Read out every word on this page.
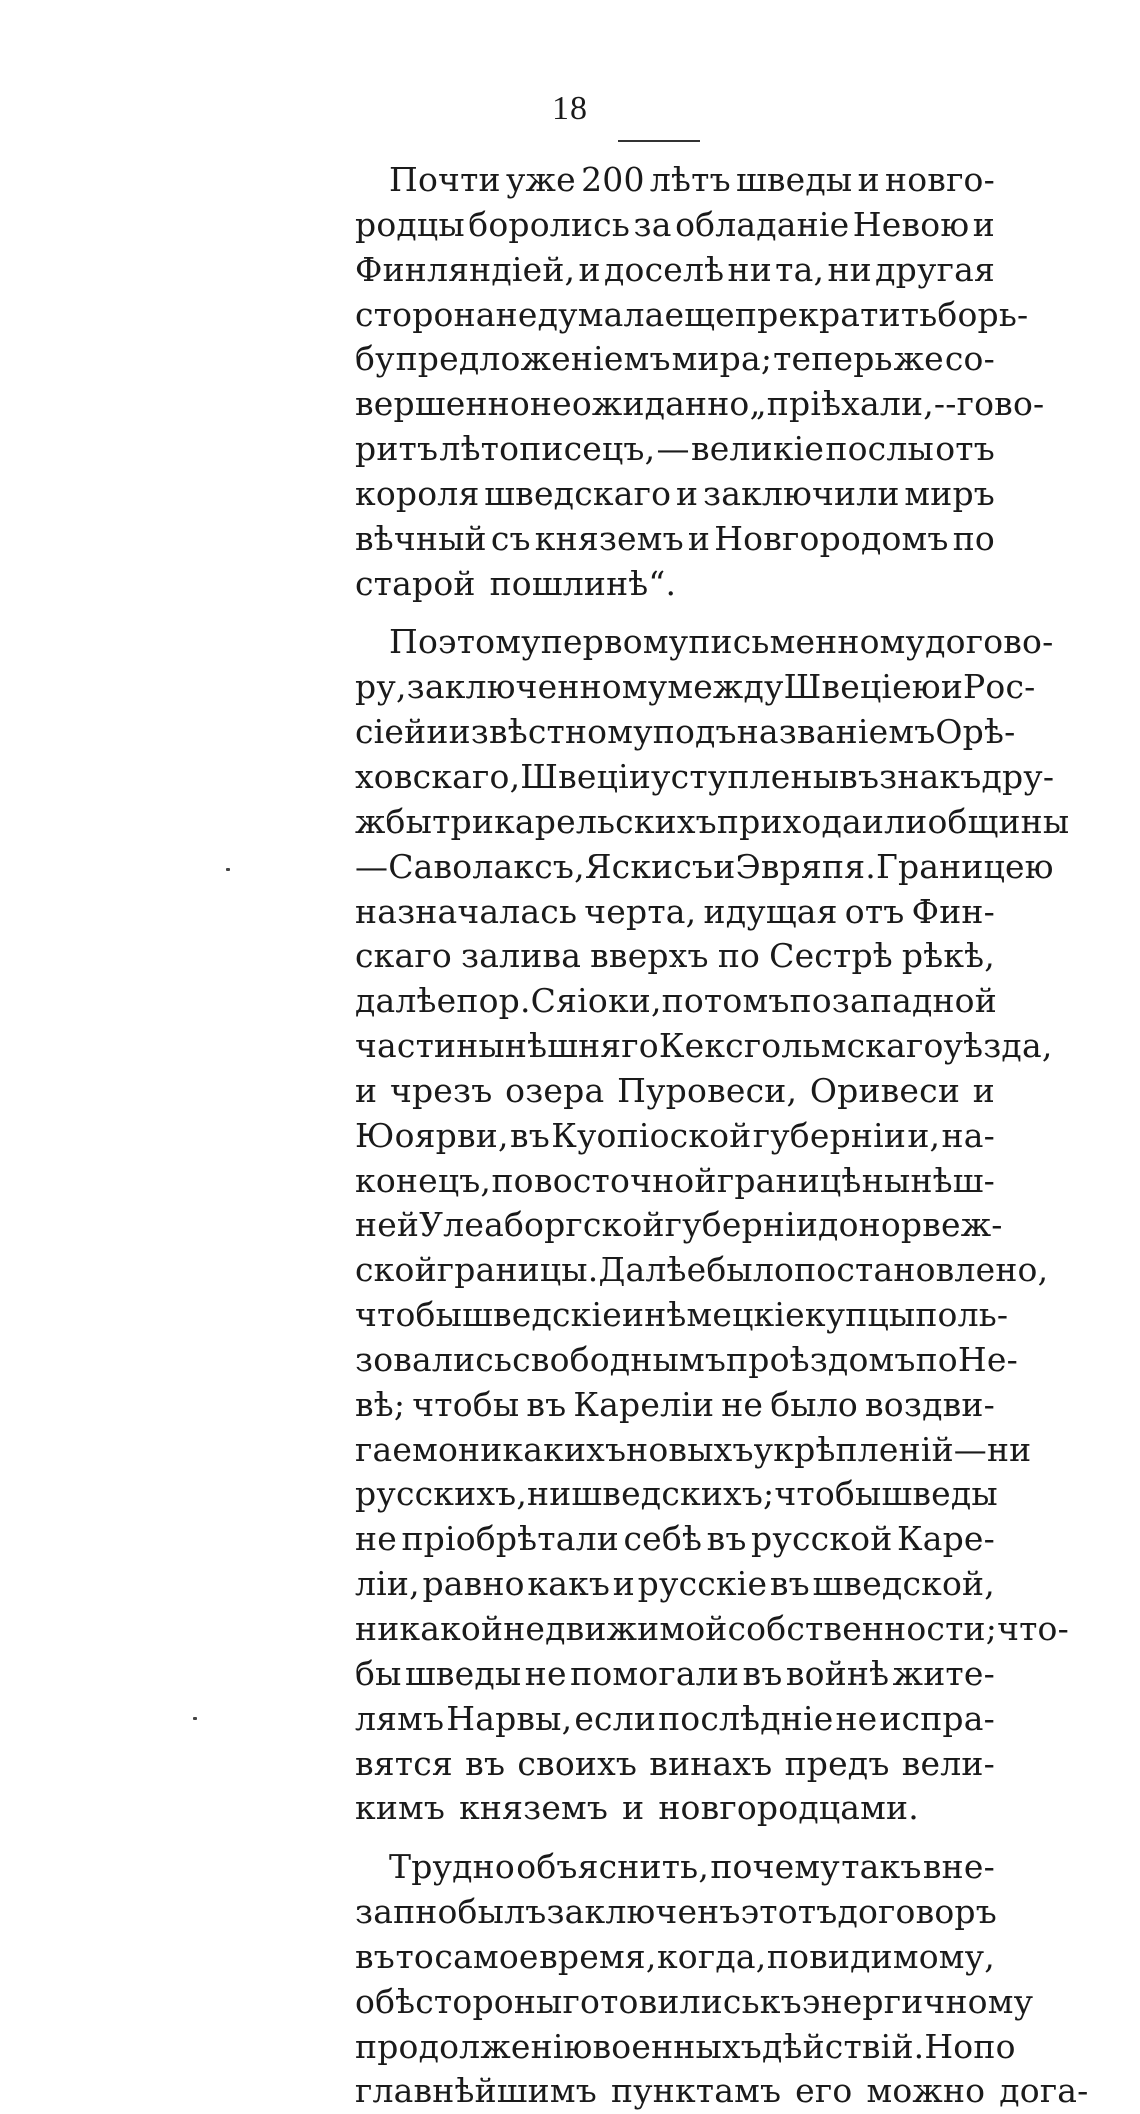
18
Почти уже 200 лѣтъ шведы и новго-
родцы боролись за обладаніе Невою и
Финляндіей, и доселѣ ни та, ни другая
сторона не думала еще прекратить борь-
бу предложеніемъ мира; теперь же со-
вершенно неожиданно „пріѣхали,-- гово-
ритъ лѣтописецъ, — великіе послы отъ
короля шведскаго и заключили миръ
вѣчный съ княземъ и Новгородомъ по
старой пошлинѣ“.
По этому первому письменному догово-
ру, заключенному между Швеціею и Рос-
сіей и извѣстному подъ названіемъ Орѣ-
ховскаго, Швеціи уступлены въ знакъ дру-
жбы три карельскихъ прихода или общины
—Саволаксъ, Яскисъ и Эвряпя. Границею
назначалась черта, идущая отъ Фин-
скаго залива вверхъ по Сестрѣ рѣкѣ,
далѣе по р. Сяіоки, потомъ по западной
части нынѣшняго Кексгольмскаго уѣзда,
и чрезъ озера Пуровеси, Оривеси и
Юоярви, въ Куопіоской губерніи и, на-
конецъ, по восточной границѣ нынѣш-
ней Улеаборгской губерніи до норвеж-
ской границы. Далѣе было постановлено,
чтобы шведскіе и нѣмецкіе купцы поль-
зовались свободнымъ проѣздомъ по Не-
вѣ; чтобы въ Кареліи не было воздви-
гаемо никакихъ новыхъ укрѣпленій—ни
русскихъ, ни шведскихъ; чтобы шведы
не пріобрѣтали себѣ въ русской Каре-
ліи, равно какъ и русскіе въ шведской,
никакой недвижимой собственности; что-
бы шведы не помогали въ войнѣ жите-
лямъ Нарвы, если послѣдніе не испра-
вятся въ своихъ винахъ предъ вели-
кимъ княземъ и новгородцами.
Трудно объяснить, почему такъ вне-
запно былъ заключенъ этотъ договоръ
въ то самое время, когда, повидимому,
обѣ стороны готовились къ энергичному
продолженію военныхъ дѣйствій. Но по
главнѣйшимъ пунктамъ его можно дога-
